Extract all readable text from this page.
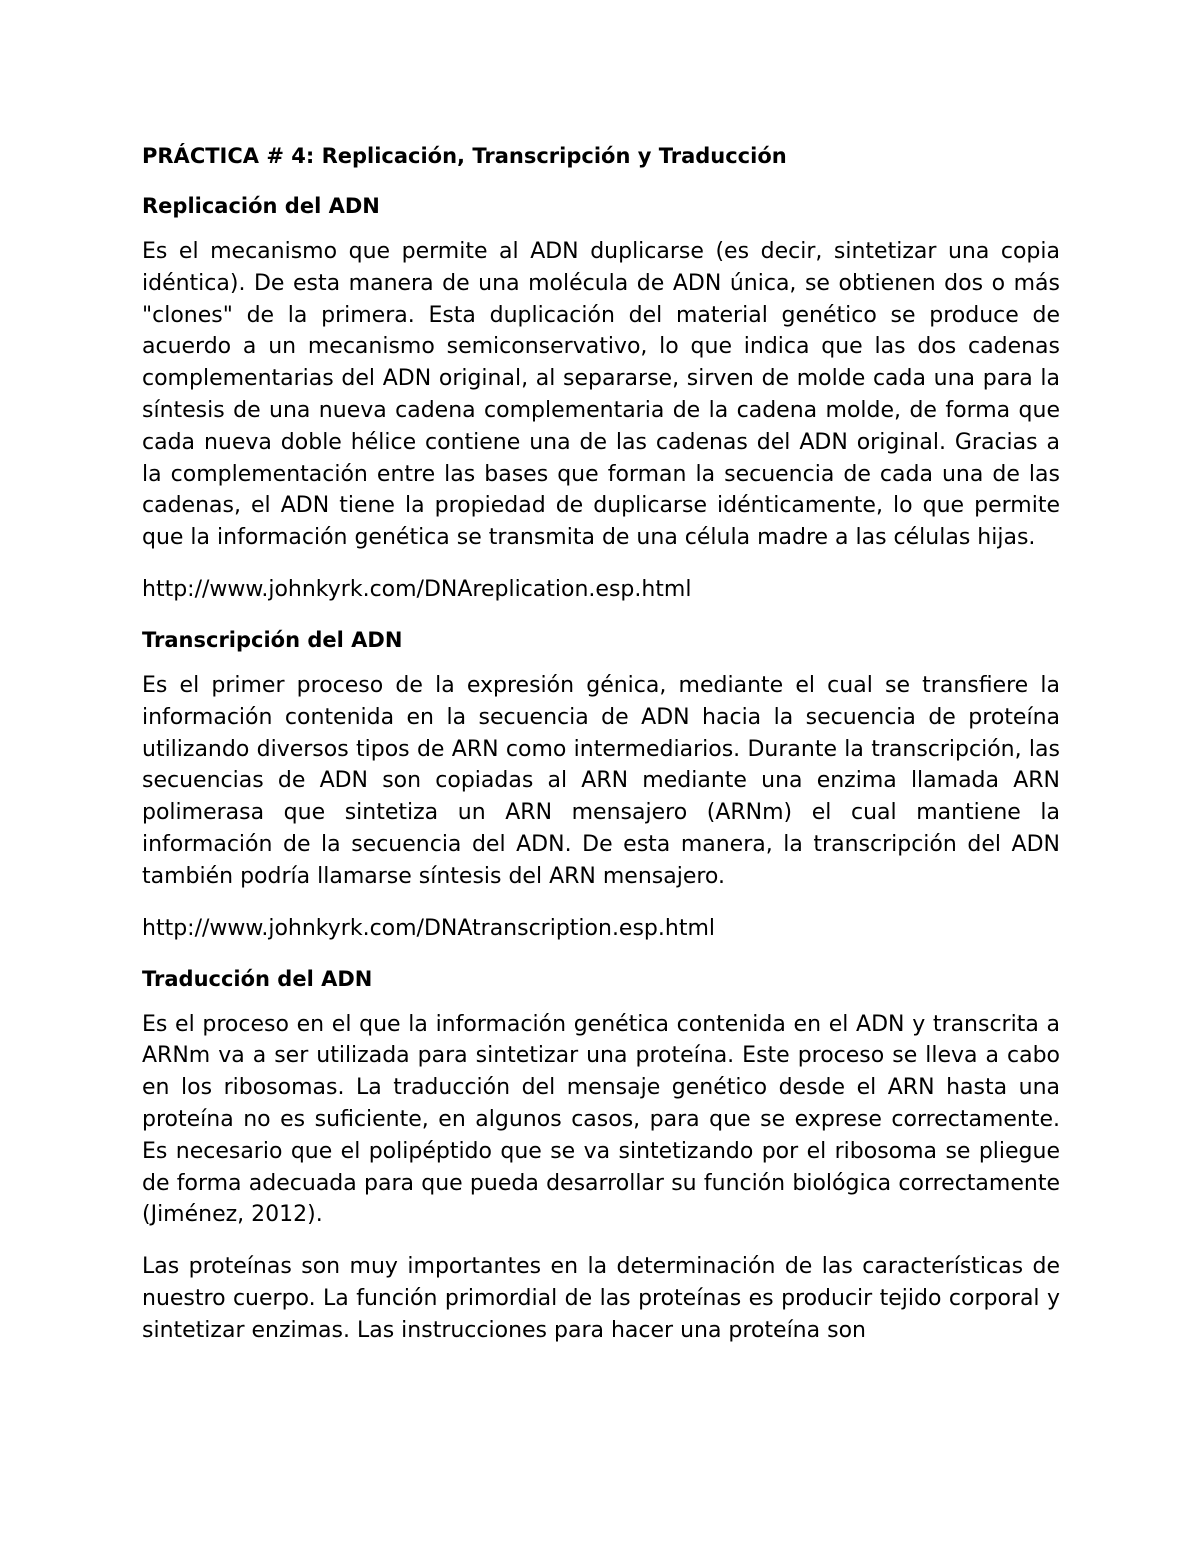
PRÁCTICA # 4: Replicación, Transcripción y Traducción
Replicación del ADN

Es el mecanismo que permite al ADN duplicarse (es decir, sintetizar una copia idéntica). De esta manera de una molécula de ADN única, se obtienen dos o más "clones" de la primera. Esta duplicación del material genético se produce de acuerdo a un mecanismo semiconservativo, lo que indica que las dos cadenas complementarias del ADN original, al separarse, sirven de molde cada una para la síntesis de una nueva cadena complementaria de la cadena molde, de forma que cada nueva doble hélice contiene una de las cadenas del ADN original. Gracias a la complementación entre las bases que forman la secuencia de cada una de las cadenas, el ADN tiene la propiedad de duplicarse idénticamente, lo que permite que la información genética se transmita de una célula madre a las células hijas.

http://www.johnkyrk.com/DNAreplication.esp.html
Transcripción del ADN

Es el primer proceso de la expresión génica, mediante el cual se transfiere la información contenida en la secuencia de ADN hacia la secuencia de proteína utilizando diversos tipos de ARN como intermediarios. Durante la transcripción, las secuencias de ADN son copiadas al ARN mediante una enzima llamada ARN polimerasa que sintetiza un ARN mensajero (ARNm) el cual mantiene la información de la secuencia del ADN. De esta manera, la transcripción del ADN también podría llamarse síntesis del ARN mensajero.

http://www.johnkyrk.com/DNAtranscription.esp.html
Traducción del ADN

Es el proceso en el que la información genética contenida en el ADN y transcrita a ARNm va a ser utilizada para sintetizar una proteína. Este proceso se lleva a cabo en los ribosomas. La traducción del mensaje genético desde el ARN hasta una proteína no es suficiente, en algunos casos, para que se exprese correctamente. Es necesario que el polipéptido que se va sintetizando por el ribosoma se pliegue de forma adecuada para que pueda desarrollar su función biológica correctamente (Jiménez, 2012).

Las proteínas son muy importantes en la determinación de las características de nuestro cuerpo. La función primordial de las proteínas es producir tejido corporal y sintetizar enzimas. Las instrucciones para hacer una proteína son
